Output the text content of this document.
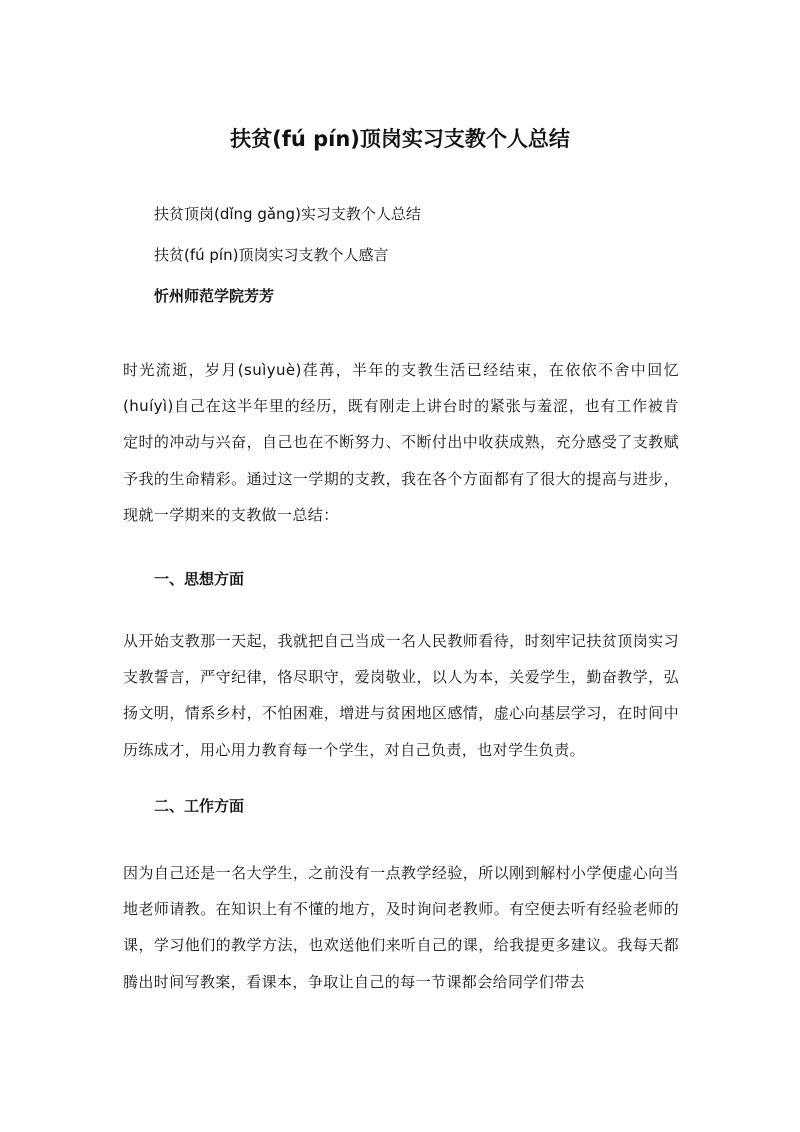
扶贫(fú pín)顶岗实习支教个人总结
扶贫顶岗(dǐng gǎng)实习支教个人总结
扶贫(fú pín)顶岗实习支教个人感言
忻州师范学院芳芳
时光流逝，岁月(suìyuè)荏苒，半年的支教生活已经结束，在依依不舍中回忆(huíyì)自己在这半年里的经历，既有刚走上讲台时的紧张与羞涩，也有工作被肯定时的冲动与兴奋，自己也在不断努力、不断付出中收获成熟，充分感受了支教赋予我的生命精彩。通过这一学期的支教，我在各个方面都有了很大的提高与进步，现就一学期来的支教做一总结：
一、思想方面
从开始支教那一天起，我就把自己当成一名人民教师看待，时刻牢记扶贫顶岗实习支教誓言，严守纪律，恪尽职守，爱岗敬业，以人为本，关爱学生，勤奋教学，弘扬文明，情系乡村，不怕困难，增进与贫困地区感情，虚心向基层学习，在时间中历练成才，用心用力教育每一个学生，对自己负责，也对学生负责。
二、工作方面
因为自己还是一名大学生，之前没有一点教学经验，所以刚到解村小学便虚心向当地老师请教。在知识上有不懂的地方，及时询问老教师。有空便去听有经验老师的课，学习他们的教学方法，也欢送他们来听自己的课，给我提更多建议。我每天都腾出时间写教案，看课本，争取让自己的每一节课都会给同学们带去
